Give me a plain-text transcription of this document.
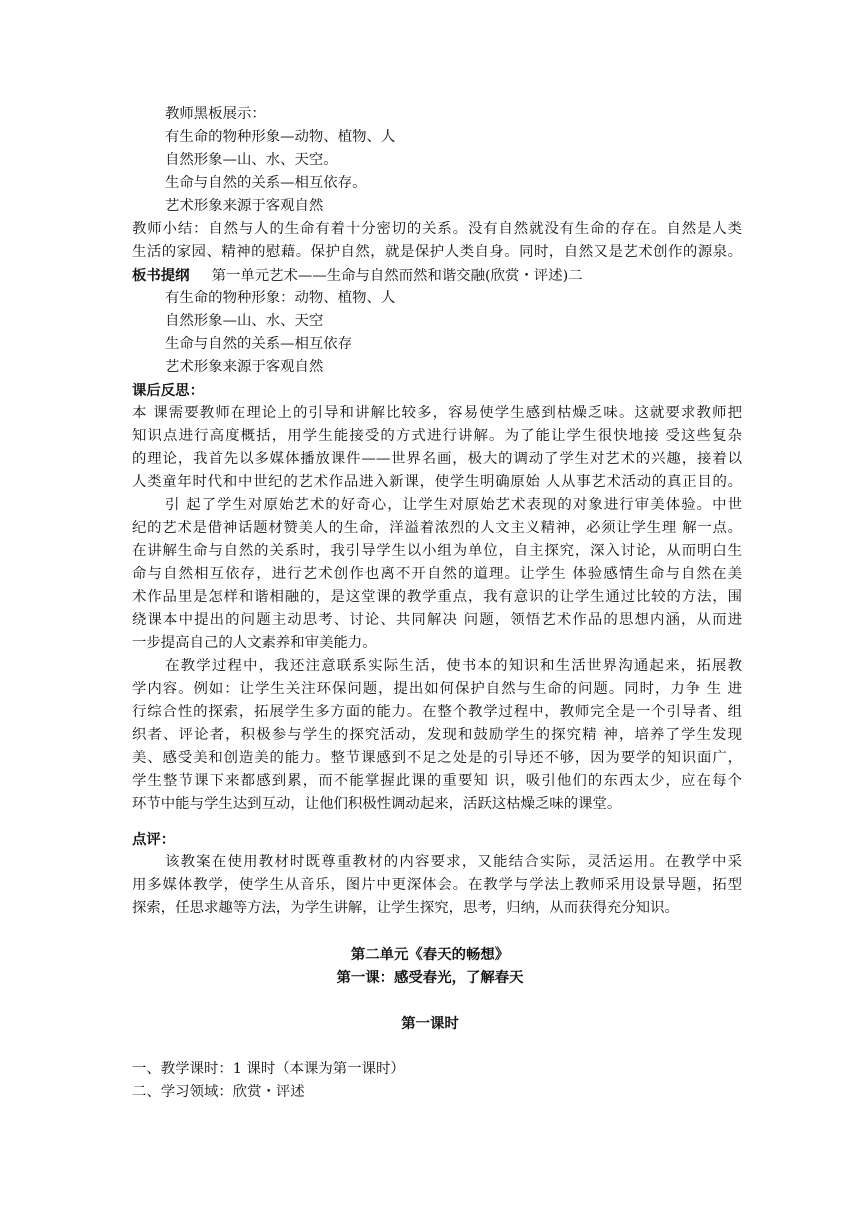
教师黑板展示：
有生命的物种形象—动物、植物、人
自然形象—山、水、天空。
生命与自然的关系—相互依存。
艺术形象来源于客观自然
教师小结：自然与人的生命有着十分密切的关系。没有自然就没有生命的存在。自然是人类
生活的家园、精神的慰藉。保护自然，就是保护人类自身。同时，自然又是艺术创作的源泉。
板书提纲 第一单元艺术——生命与自然而然和谐交融(欣赏・评述)二
有生命的物种形象：动物、植物、人
自然形象—山、水、天空
生命与自然的关系—相互依存
艺术形象来源于客观自然
课后反思：
本 课需要教师在理论上的引导和讲解比较多，容易使学生感到枯燥乏味。这就要求教师把
知识点进行高度概括，用学生能接受的方式进行讲解。为了能让学生很快地接 受这些复杂
的理论，我首先以多媒体播放课件——世界名画，极大的调动了学生对艺术的兴趣，接着以
人类童年时代和中世纪的艺术作品进入新课，使学生明确原始 人从事艺术活动的真正目的。
引 起了学生对原始艺术的好奇心，让学生对原始艺术表现的对象进行审美体验。中世
纪的艺术是借神话题材赞美人的生命，洋溢着浓烈的人文主义精神，必须让学生理 解一点。
在讲解生命与自然的关系时，我引导学生以小组为单位，自主探究，深入讨论，从而明白生
命与自然相互依存，进行艺术创作也离不开自然的道理。让学生 体验感情生命与自然在美
术作品里是怎样和谐相融的，是这堂课的教学重点，我有意识的让学生通过比较的方法，围
绕课本中提出的问题主动思考、讨论、共同解决 问题，领悟艺术作品的思想内涵，从而进
一步提高自己的人文素养和审美能力。
在教学过程中，我还注意联系实际生活，使书本的知识和生活世界沟通起来，拓展教
学内容。例如：让学生关注环保问题，提出如何保护自然与生命的问题。同时，力争 生 进
行综合性的探索，拓展学生多方面的能力。在整个教学过程中，教师完全是一个引导者、组
织者、评论者，积极参与学生的探究活动，发现和鼓励学生的探究精 神，培养了学生发现
美、感受美和创造美的能力。整节课感到不足之处是的引导还不够，因为要学的知识面广，
学生整节课下来都感到累，而不能掌握此课的重要知 识，吸引他们的东西太少，应在每个
环节中能与学生达到互动，让他们积极性调动起来，活跃这枯燥乏味的课堂。
点评：
该教案在使用教材时既尊重教材的内容要求，又能结合实际，灵活运用。在教学中采
用多媒体教学，使学生从音乐，图片中更深体会。在教学与学法上教师采用设景导题，拓型
探索，任思求趣等方法，为学生讲解，让学生探究，思考，归纳，从而获得充分知识。
第二单元《春天的畅想》
第一课：感受春光，了解春天
第一课时
一、教学课时：1 课时（本课为第一课时）
二、学习领域：欣赏・评述
